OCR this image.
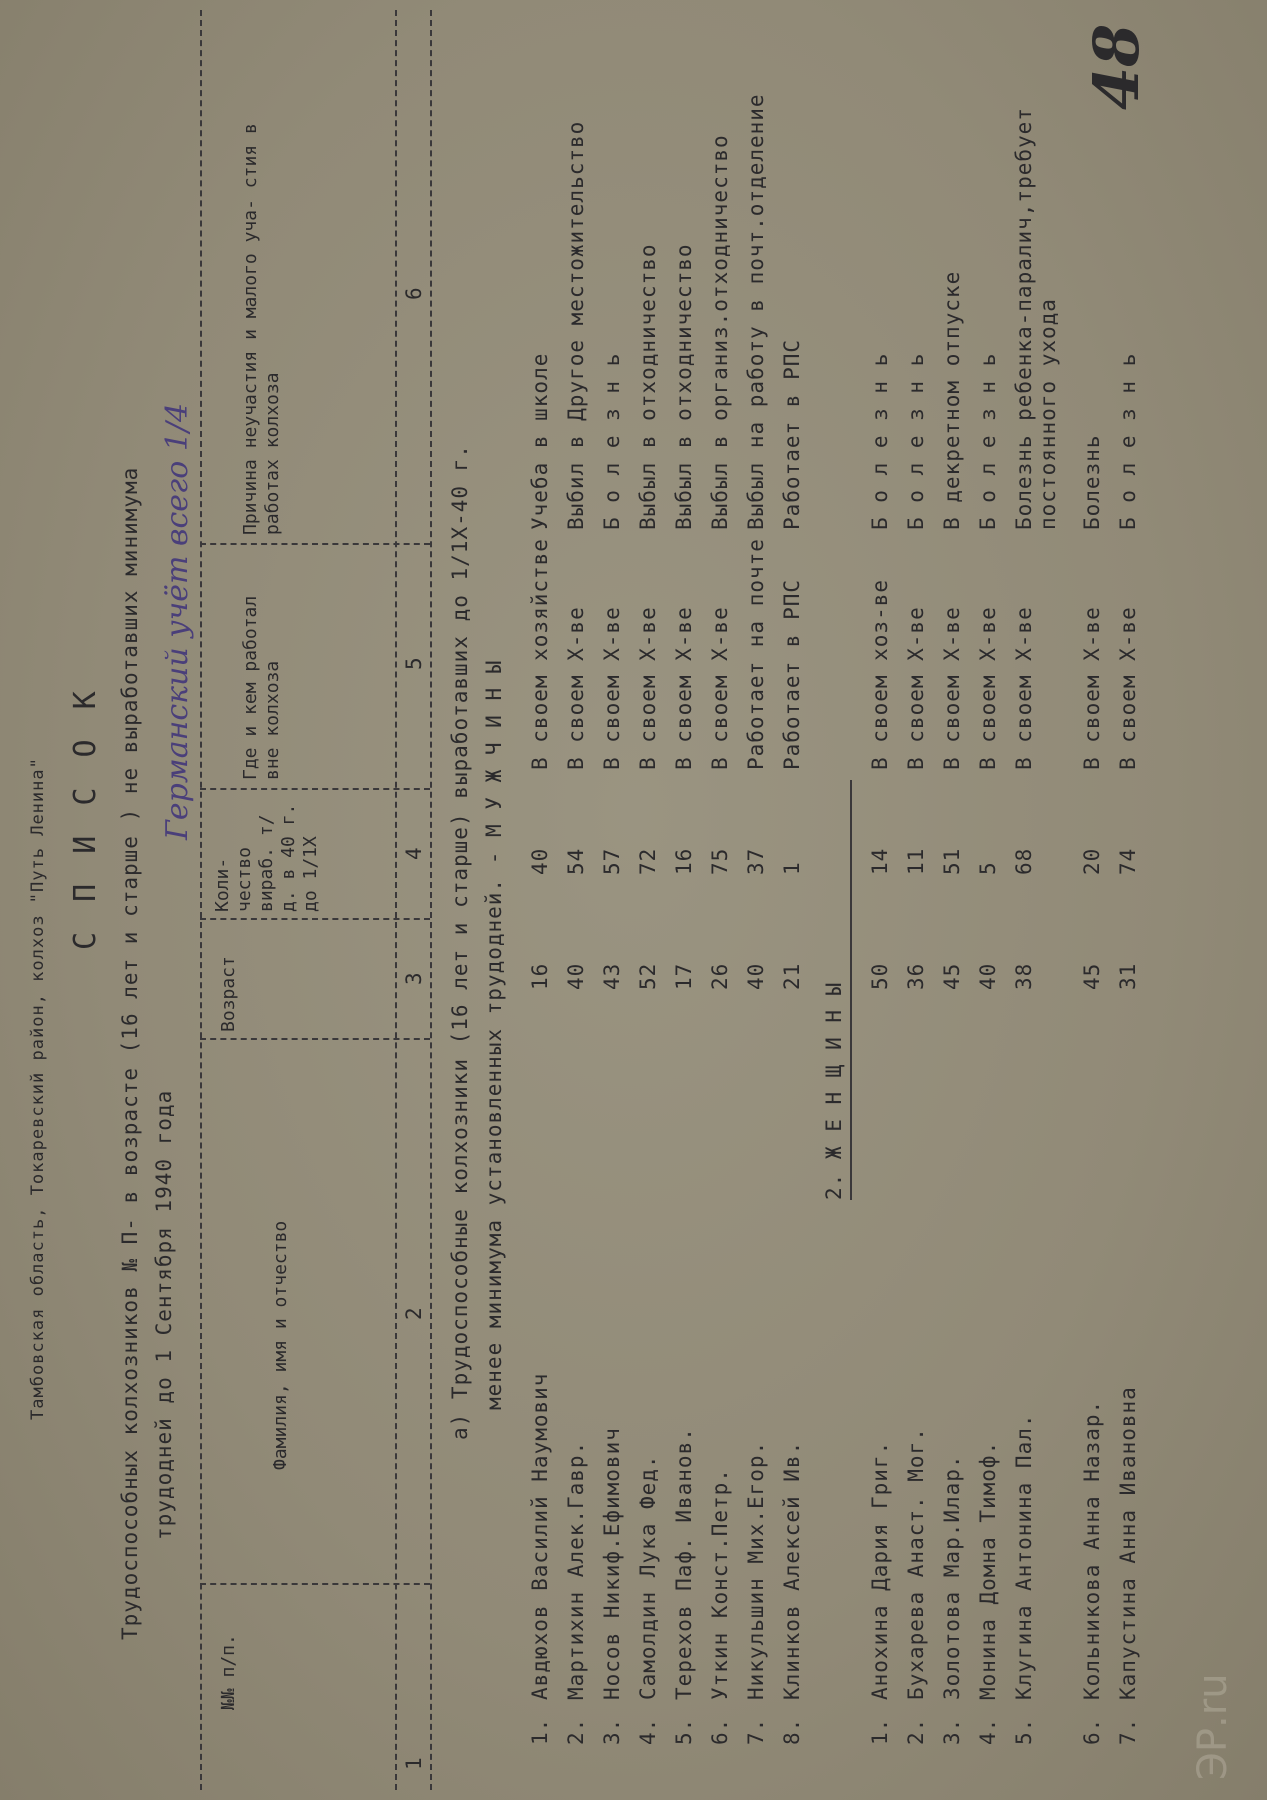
Тамбовская область, Токаревский район, колхоз "Путь Ленина" С П И С О К Трудоспособных колхозников № П- в возрасте (16 лет и старше ) не выработавших минимума трудодней до 1 Сентября 1940 года
Германский учёт всего 1/4
48
№№ п/п.
Фамилия, имя и отчество
Возраст
Коли- чество вираб. т/д. в 40 г. до 1/1Х
Где и кем работал вне колхоза
Причина неучастия и малого уча- стия в работах колхоза
1
2
3
4
5
6
а) Трудоспособные колхозники (16 лет и старше) выработавших до 1/1Х-40 г. менее минимума установленных трудодней. - М У Ж Ч И Н Ы
1.
Авдюхов Василий Наумович
16
40
В своем хозяйстве
Учеба в школе
2.
Мартихин Алек.Гавр.
40
54
В своем Х-ве
Выбил в Другое местожительство
3.
Носов Никиф.Ефимович
43
57
В своем Х-ве
Б о л е з н ь
4.
Самолдин Лука Фед.
52
72
В своем Х-ве
Выбыл в отходничество
5.
Терехов Паф. Иванов.
17
16
В своем Х-ве
Выбыл в отходничество
6.
Уткин Конст.Петр.
26
75
В своем Х-ве
Выбыл в организ.отходничество
7.
Никульшин Мих.Егор.
40
37
Работает на почте
Выбыл на работу в почт.отделение
8.
Клинков Алексей Ив.
21
1
Работает в РПС
Работает в РПС
2. Ж Е Н Щ И Н Ы
1.
Анохина Дария Григ.
50
14
В своем хоз-ве
Б о л е з н ь
2.
Бухарева Анаст. Мог.
36
11
В своем Х-ве
Б о л е з н ь
3.
Золотова Мар.Илар.
45
51
В своем Х-ве
В декретном отпуске
4.
Монина Домна Тимоф.
40
5
В своем Х-ве
Б о л е з н ь
5.
Клугина Антонина Пал.
38
68
В своем Х-ве
Болезнь ребенка-паралич,требует постоянного ухода
6.
Кольникова Анна Назар.
45
20
В своем Х-ве
Болезнь
7.
Капустина Анна Ивановна
31
74
В своем Х-ве
Б о л е з н ь
ЭР.ru
